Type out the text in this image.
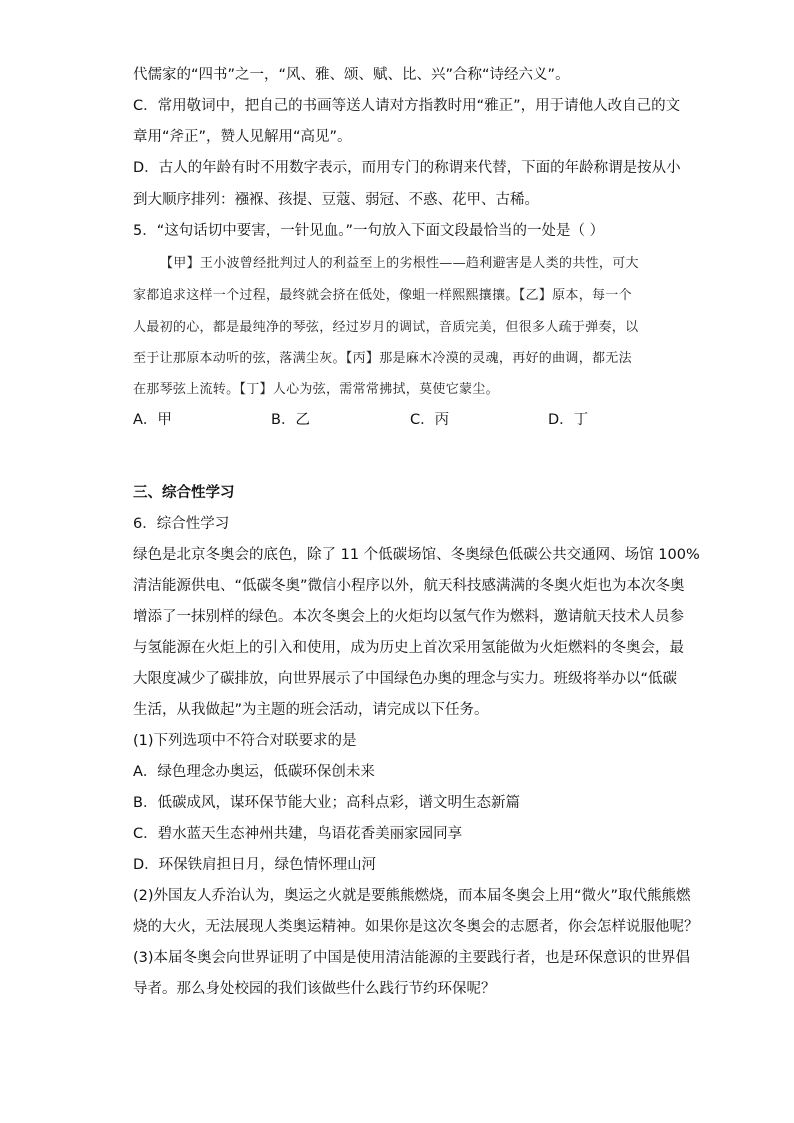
代儒家的“四书”之一，“风、雅、颂、赋、比、兴”合称“诗经六义”。
C．常用敬词中，把自己的书画等送人请对方指教时用“雅正”，用于请他人改自己的文
章用“斧正”，赞人见解用“高见”。
D．古人的年龄有时不用数字表示，而用专门的称谓来代替，下面的年龄称谓是按从小
到大顺序排列：襁褓、孩提、豆蔻、弱冠、不惑、花甲、古稀。
5．“这句话切中要害，一针见血。”一句放入下面文段最恰当的一处是（ ）
【甲】王小波曾经批判过人的利益至上的劣根性——趋利避害是人类的共性，可大
家都追求这样一个过程，最终就会挤在低处，像蛆一样熙熙攘攘。【乙】原本，每一个
人最初的心，都是最纯净的琴弦，经过岁月的调试，音质完美，但很多人疏于弹奏，以
至于让那原本动听的弦，落满尘灰。【丙】那是麻木冷漠的灵魂，再好的曲调，都无法
在那琴弦上流转。【丁】人心为弦，需常常拂拭，莫使它蒙尘。
A．甲	B．乙	C．丙	D．丁
三、综合性学习
6．综合性学习
绿色是北京冬奥会的底色，除了 11 个低碳场馆、冬奥绿色低碳公共交通网、场馆 100%
清洁能源供电、“低碳冬奥”微信小程序以外，航天科技感满满的冬奥火炬也为本次冬奥
增添了一抹别样的绿色。本次冬奥会上的火炬均以氢气作为燃料，邀请航天技术人员参
与氢能源在火炬上的引入和使用，成为历史上首次采用氢能做为火炬燃料的冬奥会，最
大限度减少了碳排放，向世界展示了中国绿色办奥的理念与实力。班级将举办以“低碳
生活，从我做起”为主题的班会活动，请完成以下任务。
(1)下列选项中不符合对联要求的是
A．绿色理念办奥运，低碳环保创未来
B．低碳成风，谋环保节能大业；高科点彩，谱文明生态新篇
C．碧水蓝天生态神州共建，鸟语花香美丽家园同享
D．环保铁肩担日月，绿色情怀理山河
(2)外国友人乔治认为，奥运之火就是要熊熊燃烧，而本届冬奥会上用“微火”取代熊熊燃
烧的大火，无法展现人类奥运精神。如果你是这次冬奥会的志愿者，你会怎样说服他呢？
(3)本届冬奥会向世界证明了中国是使用清洁能源的主要践行者，也是环保意识的世界倡
导者。那么身处校园的我们该做些什么践行节约环保呢？
